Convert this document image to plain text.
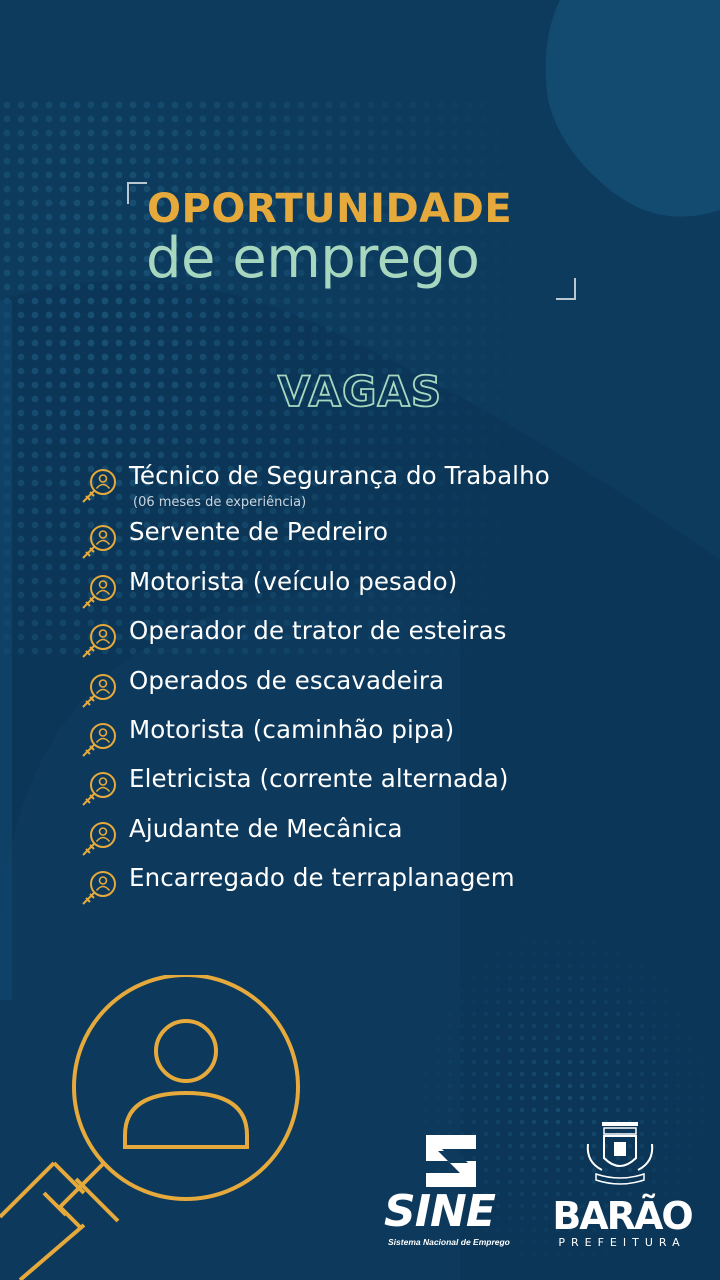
OPORTUNIDADE
de emprego
VAGAS
Técnico de Segurança do Trabalho
(06 meses de experiência)
Servente de Pedreiro
Motorista (veículo pesado)
Operador de trator de esteiras
Operados de escavadeira
Motorista (caminhão pipa)
Eletricista (corrente alternada)
Ajudante de Mecânica
Encarregado de terraplanagem
SINE
Sistema Nacional de Emprego
BARÃO
PREFEITURA
